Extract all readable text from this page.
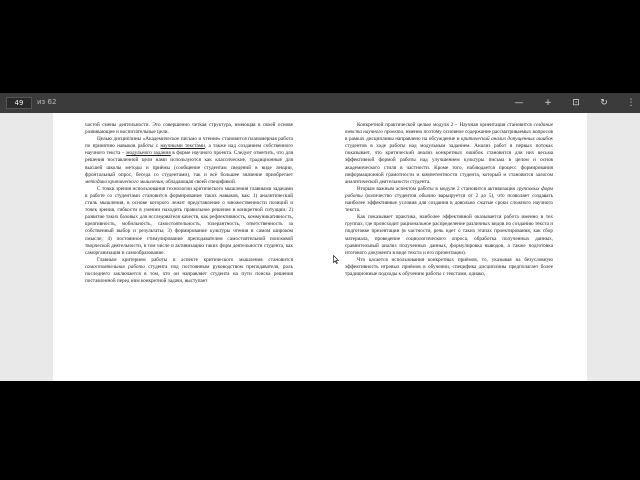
49	из 62	—	+	⊡	↻	⋮

частой смены деятельности. Это совершенно четкая структура, имеющая в своей основе развивающие и воспитательные цели.

Целью дисциплины «Академическое письмо и чтение» становится планомерная работа по принятию навыков работы с научными текстами, а также над созданием собственного научного текста – модульного задания в форме научного проекта. Следует отметить, что для решения поставленной цели нами используются как классические, традиционные для высшей школы методы и приёмы (сообщение студентам сведений в виде лекции, фронтальный опрос, беседа со студентами), так и всё большее значение приобретает методика критического мышления, обладающая своей спецификой.

С точки зрения использования технологии критического мышления главными задачами в работе со студентами становится формирование таких навыков, как: 1) аналитический стиль мышления, в основе которого лежит представление о множественности позиций и точек зрения, гибкости в умении находить правильное решение в конкретной ситуации; 2) развитие таких базовых для исследователя качеств, как рефлективность, коммуникативность, креативность, мобильность, самостоятельность, толерантность, ответственность за собственный выбор и результаты; 3) формирование культуры чтения в самом широком смысле; 4) постоянное стимулирование преподавателем самостоятельной поисковой творческой деятельности, в том числе и активизацию таких форм деятельности студента, как саморганизация и самообразование.

Главным критерием работы в аспекте критического мышления становится самостоятельная работа студента под постоянным руководством преподавателя, роль последнего заключается в том, что он направляет студента на пути поиска решения поставленной перед ним конкретной задачи, выступает

Конкретной практической целью модуля 2 – Научная ориентация становится создание текста научного проекта, именно поэтому основное содержание рассматриваемых вопросов в рамках дисциплины направлено на обсуждение и критический анализ допущенных ошибок студентов в ходе работы над модульным заданием. Анализ работ в первых потоках показывает, что критический анализ конкретных ошибок становится для них весьма эффективной формой работы над улучшением культуры письма в целом и основ академического стиля в частности. Кроме того, наблюдается процесс формирования информационной грамотности и компетентности студента, который и становится залогом аналитической деятельности студента.

Вторым важным аспектом работы в модуле 2 становится активизация групповых форм работы (количество студентов обычно варьируется от 2 до 5), что позволяет создавать наиболее эффективные условия для создания в довольно сжатые сроки сложного научного текста.

Как показывает практика, наиболее эффективной оказывается работа именно в тех группах, где происходит рациональное распределение различных видов по созданию текста и подготовке презентации (в частности, речь идет о таких этапах проектирования, как сбор материала, проведение социологического опроса, обработка полученных данных, сравнительный анализ полученных данных, формулировка выводов, а также подготовка итогового документа в виде текста и его презентации).

Что касается использования конкретных приёмов, то, указывая на безусловную эффективность игровых приёмов в обучении, специфика дисциплины предполагает более традиционные подходы к обучению работы с текстами, однако,
